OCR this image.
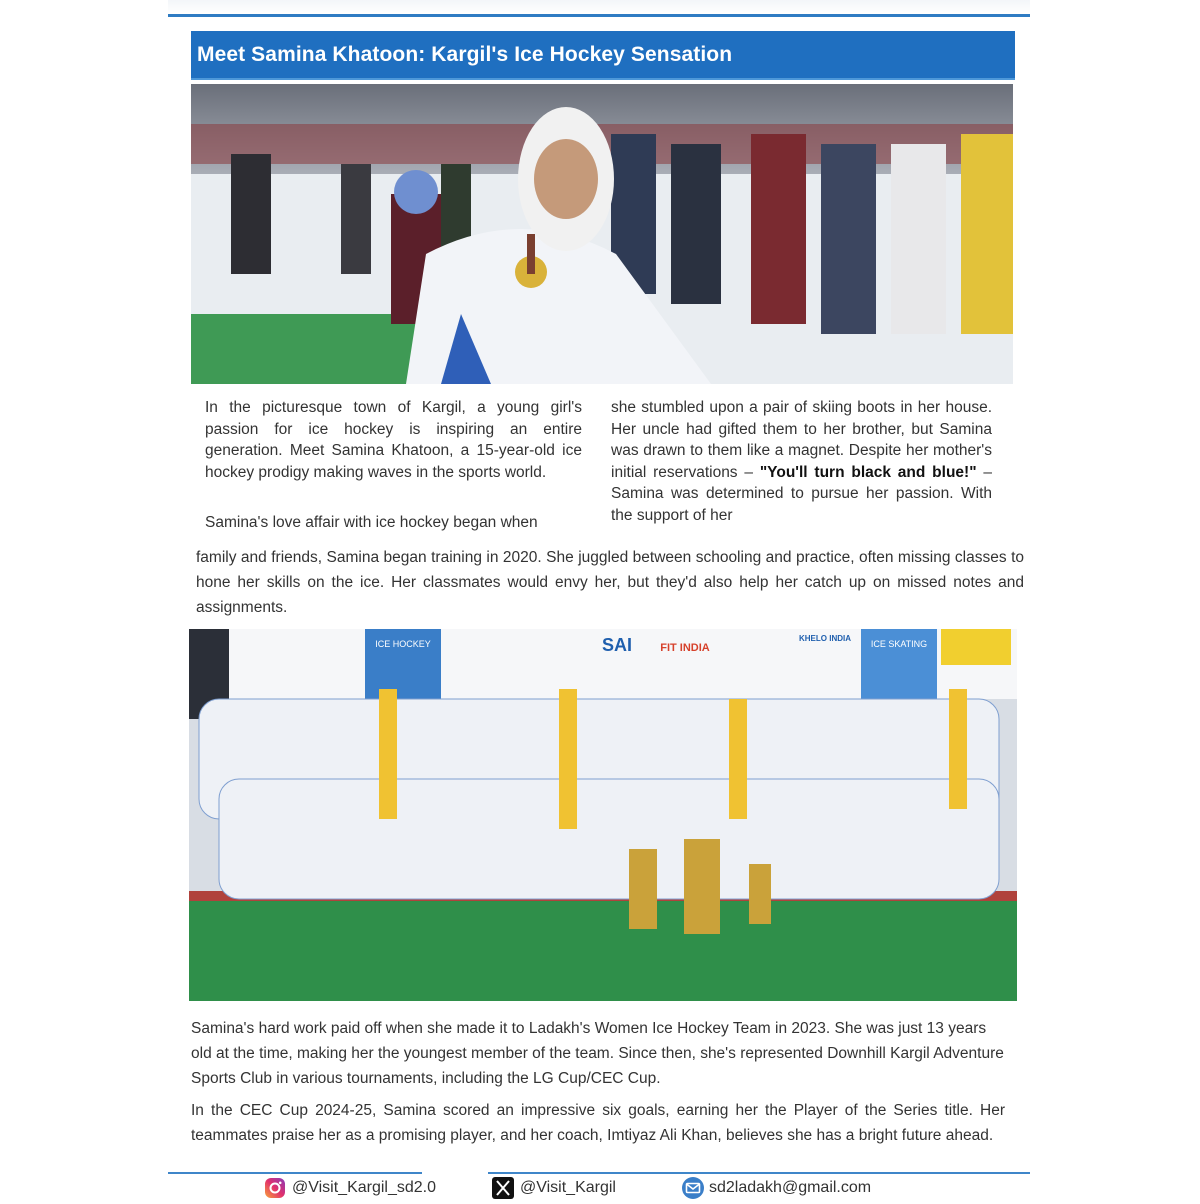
Meet Samina Khatoon: Kargil's Ice Hockey Sensation

In the picturesque town of Kargil, a young girl's passion for ice hockey is inspiring an entire generation. Meet Samina Khatoon, a 15-year-old ice hockey prodigy making waves in the sports world.

Samina's love affair with ice hockey began when

she stumbled upon a pair of skiing boots in her house. Her uncle had gifted them to her brother, but Samina was drawn to them like a magnet. Despite her mother's initial reservations – "You'll turn black and blue!" – Samina was determined to pursue her passion. With the support of her

family and friends, Samina began training in 2020. She juggled between schooling and practice, often missing classes to hone her skills on the ice. Her classmates would envy her, but they'd also help her catch up on missed notes and assignments.

ICE HOCKEY	SAI	FIT INDIA
KHELO INDIA
ICE SKATING

Samina's hard work paid off when she made it to Ladakh's Women Ice Hockey Team in 2023. She was just 13 years old at the time, making her the youngest member of the team. Since then, she's represented Downhill Kargil Adventure Sports Club in various tournaments, including the LG Cup/CEC Cup.

In the CEC Cup 2024-25, Samina scored an impressive six goals, earning her the Player of the Series title. Her teammates praise her as a promising player, and her coach, Imtiyaz Ali Khan, believes she has a bright future ahead.

@Visit_Kargil_sd2.0	@Visit_Kargil	sd2ladakh@gmail.com
